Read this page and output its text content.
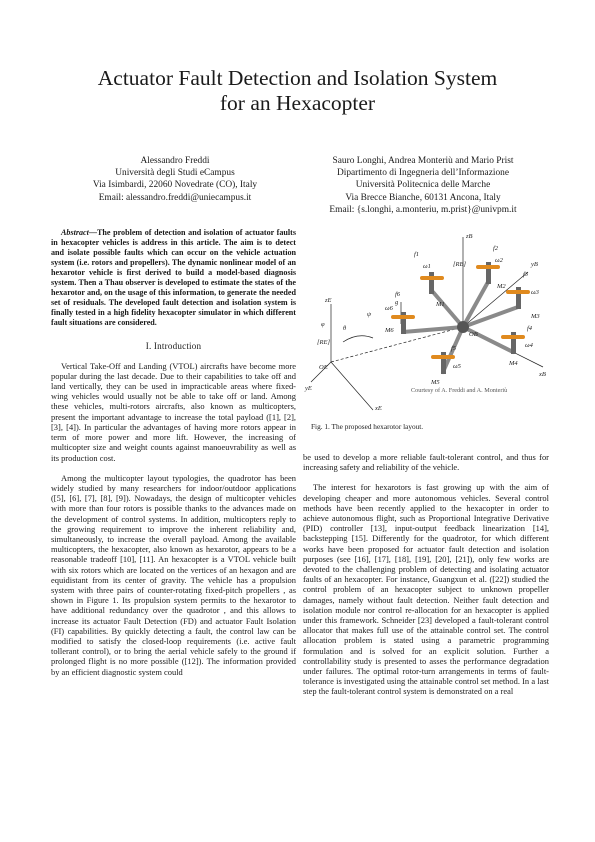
Actuator Fault Detection and Isolation System
for an Hexacopter
Alessandro Freddi
Università degli Studi eCampus
Via Isimbardi, 22060 Novedrate (CO), Italy
Email: alessandro.freddi@uniecampus.it
Sauro Longhi, Andrea Monteriù and Mario Prist
Dipartimento di Ingegneria dell’Informazione
Università Politecnica delle Marche
Via Brecce Bianche, 60131 Ancona, Italy
Email: {s.longhi, a.monteriu, m.prist}@univpm.it

Abstract—The problem of detection and isolation of actuator faults in hexacopter vehicles is address in this article. The aim is to detect and isolate possible faults which can occur on the vehicle actuation system (i.e. rotors and propellers). The dynamic nonlinear model of an hexarotor vehicle is first derived to build a model-based diagnosis system. Then a Thau observer is developed to estimate the states of the hexarotor and, on the usage of this information, to generate the needed set of residuals. The developed fault detection and isolation system is finally tested in a high fidelity hexacopter simulator in which different fault situations are considered.

I. Introduction

Vertical Take-Off and Landing (VTOL) aircrafts have become more popular during the last decade. Due to their capabilities to take off and land vertically, they can be used in impracticable areas where fixed-wing vehicles would usually not be able to take off or land. Among these vehicles, multi-rotors aircrafts, also known as multicopters, present the important advantage to increase the total payload ([1], [2], [3], [4]). In particular the advantages of having more rotors appear in term of more power and more lift. However, the increasing of multicopter size and weight counts against manoeuvrability as well as its production cost.

Among the multicopter layout typologies, the quadrotor has been widely studied by many researchers for indoor/outdoor applications ([5], [6], [7], [8], [9]). Nowadays, the design of multicopter vehicles with more than four rotors is possible thanks to the advances made on the development of control systems. In addition, multicopters reply to the growing requirement to improve the inherent reliability and, simultaneously, to increase the overall payload. Among the available multicopters, the hexacopter, also known as hexarotor, appears to be a reasonable tradeoff [10], [11]. An hexacopter is a VTOL vehicle built with six rotors which are located on the vertices of an hexagon and are equidistant from its center of gravity. The vehicle has a propulsion system with three pairs of counter-rotating fixed-pitch propellers , as shown in Figure 1. Its propulsion system permits to the hexarotor to have additional redundancy over the quadrotor , and this allows to increase its actuator Fault Detection (FD) and actuator Fault Isolation (FI) capabilities. By quickly detecting a fault, the control law can be modified to satisfy the closed-loop requirements (i.e. active fault tollerant control), or to bring the aerial vehicle safely to the ground if prolonged flight is no more possible ([12]). The information provided by an efficient diagnostic system could

zE
xE
yE
OE
[RE]
φ
θ
ψ
g
zB
xB
yB
OB
[RB]
f1
f2
f3
f4
f5
f6
ω1
ω2
ω3
ω4
ω5
ω6
M1
M2
M3
M4
M5
M6
Courtesy of A. Freddi and A. Monteriù
Fig. 1. The proposed hexarotor layout.

be used to develop a more reliable fault-tolerant control, and thus for increasing safety and reliability of the vehicle.

The interest for hexarotors is fast growing up with the aim of developing cheaper and more autonomous vehicles. Several control methods have been recently applied to the hexacopter in order to achieve autonomous flight, such as Proportional Integrative Derivative (PID) controller [13], input-output feedback linearization [14], backstepping [15]. Differently for the quadrotor, for which different works have been proposed for actuator fault detection and isolation purposes (see [16], [17], [18], [19], [20], [21]), only few works are devoted to the challenging problem of detecting and isolating actuator faults of an hexacopter. For instance, Guangxun et al. ([22]) studied the control problem of an hexacopter subject to unknown propeller damages, namely without fault detection. Neither fault detection and isolation module nor control re-allocation for an hexacopter is applied under this framework. Schneider [23] developed a fault-tolerant control allocator that makes full use of the attainable control set. The control allocation problem is stated using a parametric programming formulation and is solved for an explicit solution. Further a controllability study is presented to asses the performance degradation under failures. The optimal rotor-turn arrangements in terms of fault-tolerance is investigated using the attainable control set method. In a last step the fault-tolerant control system is demonstrated on a real
